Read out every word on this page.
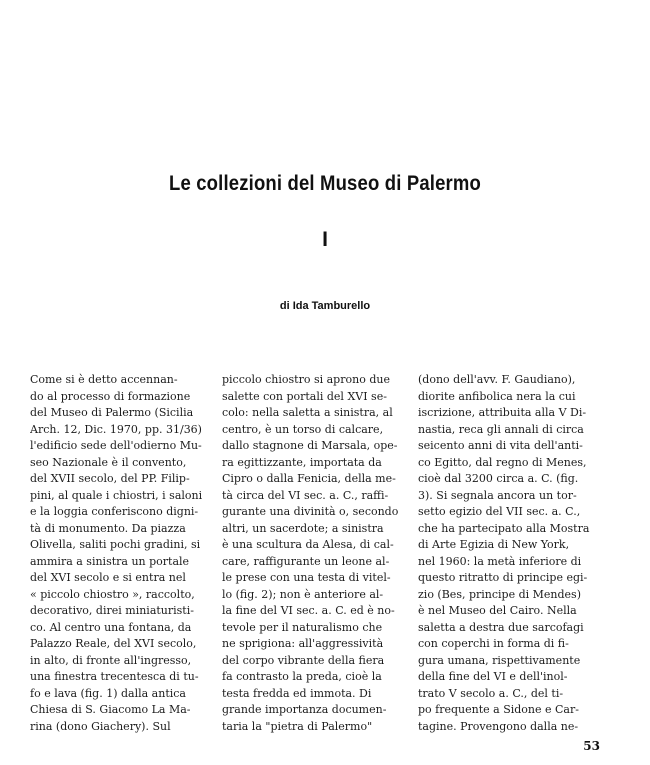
Le collezioni del Museo di Palermo
I
di Ida Tamburello
Come si è detto accennan-
do al processo di formazione
del Museo di Palermo (Sicilia
Arch. 12, Dic. 1970, pp. 31/36)
l'edificio sede dell'odierno Mu-
seo Nazionale è il convento,
del XVII secolo, del PP. Filip-
pini, al quale i chiostri, i saloni
e la loggia conferiscono digni-
tà di monumento. Da piazza
Olivella, saliti pochi gradini, si
ammira a sinistra un portale
del XVI secolo e si entra nel
« piccolo chiostro », raccolto,
decorativo, direi miniaturisti-
co. Al centro una fontana, da
Palazzo Reale, del XVI secolo,
in alto, di fronte all'ingresso,
una finestra trecentesca di tu-
fo e lava (fig. 1) dalla antica
Chiesa di S. Giacomo La Ma-
rina (dono Giachery). Sul
piccolo chiostro si aprono due
salette con portali del XVI se-
colo: nella saletta a sinistra, al
centro, è un torso di calcare,
dallo stagnone di Marsala, ope-
ra egittizzante, importata da
Cipro o dalla Fenicia, della me-
tà circa del VI sec. a. C., raffi-
gurante una divinità o, secondo
altri, un sacerdote; a sinistra
è una scultura da Alesa, di cal-
care, raffigurante un leone al-
le prese con una testa di vitel-
lo (fig. 2); non è anteriore al-
la fine del VI sec. a. C. ed è no-
tevole per il naturalismo che
ne sprigiona: all'aggressività
del corpo vibrante della fiera
fa contrasto la preda, cioè la
testa fredda ed immota. Di
grande importanza documen-
taria la "pietra di Palermo"
(dono dell'avv. F. Gaudiano),
diorite anfibolica nera la cui
iscrizione, attribuita alla V Di-
nastia, reca gli annali di circa
seicento anni di vita dell'anti-
co Egitto, dal regno di Menes,
cioè dal 3200 circa a. C. (fig.
3). Si segnala ancora un tor-
setto egizio del VII sec. a. C.,
che ha partecipato alla Mostra
di Arte Egizia di New York,
nel 1960: la metà inferiore di
questo ritratto di principe egi-
zio (Bes, principe di Mendes)
è nel Museo del Cairo. Nella
saletta a destra due sarcofagi
con coperchi in forma di fi-
gura umana, rispettivamente
della fine del VI e dell'inol-
trato V secolo a. C., del ti-
po frequente a Sidone e Car-
tagine. Provengono dalla ne-
53
